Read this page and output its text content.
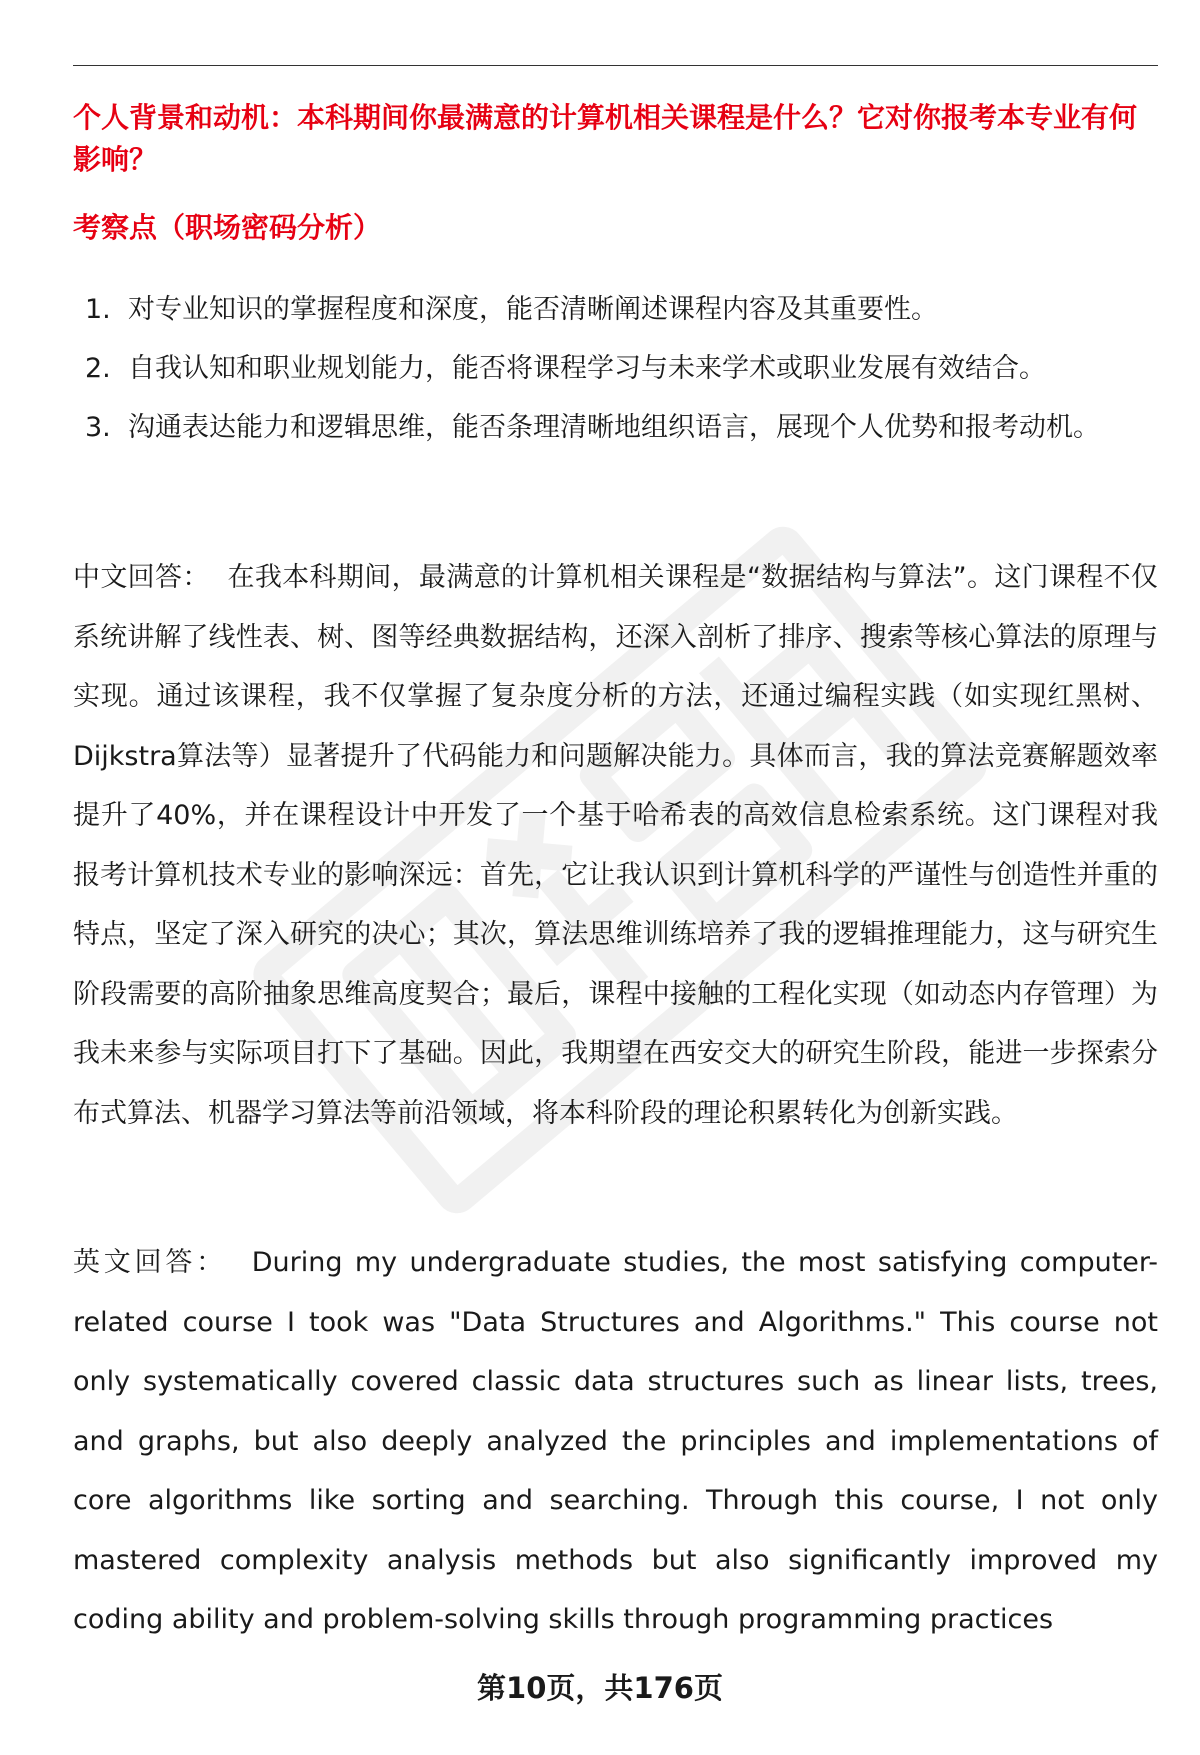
个人背景和动机：本科期间你最满意的计算机相关课程是什么？它对你报考本专业有何影响？

考察点（职场密码分析）

1. 对专业知识的掌握程度和深度，能否清晰阐述课程内容及其重要性。
2. 自我认知和职业规划能力，能否将课程学习与未来学术或职业发展有效结合。
3. 沟通表达能力和逻辑思维，能否条理清晰地组织语言，展现个人优势和报考动机。

中文回答： 在我本科期间，最满意的计算机相关课程是“数据结构与算法”。这门课程不仅系统讲解了线性表、树、图等经典数据结构，还深入剖析了排序、搜索等核心算法的原理与实现。通过该课程，我不仅掌握了复杂度分析的方法，还通过编程实践（如实现红黑树、Dijkstra算法等）显著提升了代码能力和问题解决能力。具体而言，我的算法竞赛解题效率提升了40%，并在课程设计中开发了一个基于哈希表的高效信息检索系统。这门课程对我报考计算机技术专业的影响深远：首先，它让我认识到计算机科学的严谨性与创造性并重的特点，坚定了深入研究的决心；其次，算法思维训练培养了我的逻辑推理能力，这与研究生阶段需要的高阶抽象思维高度契合；最后，课程中接触的工程化实现（如动态内存管理）为我未来参与实际项目打下了基础。因此，我期望在西安交大的研究生阶段，能进一步探索分布式算法、机器学习算法等前沿领域，将本科阶段的理论积累转化为创新实践。

英文回答： During my undergraduate studies, the most satisfying computer-related course I took was "Data Structures and Algorithms." This course not only systematically covered classic data structures such as linear lists, trees, and graphs, but also deeply analyzed the principles and implementations of core algorithms like sorting and searching. Through this course, I not only mastered complexity analysis methods but also significantly improved my coding ability and problem-solving skills through programming practices

第10页，共176页
